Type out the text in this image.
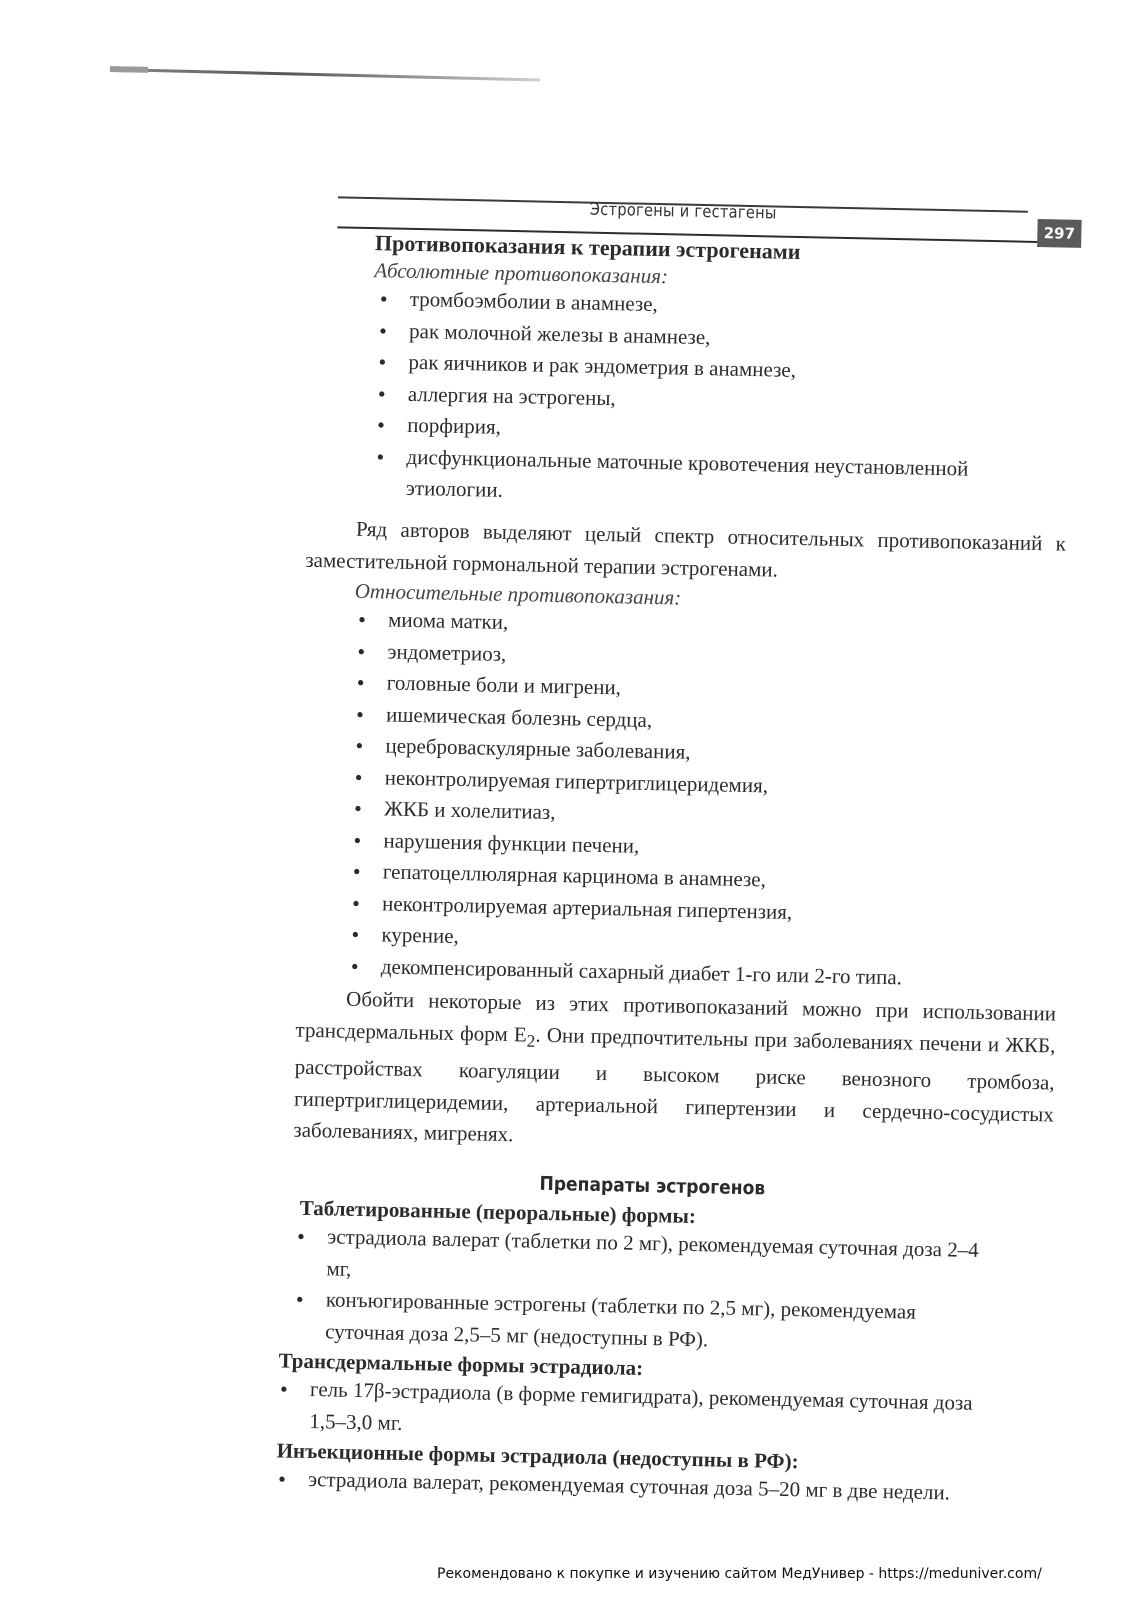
Эстрогены и гестагены
297

Противопоказания к терапии эстрогенами

Абсолютные противопоказания:

• тромбоэмболии в анамнезе,
• рак молочной железы в анамнезе,
• рак яичников и рак эндометрия в анамнезе,
• аллергия на эстрогены,
• порфирия,
• дисфункциональные маточные кровотечения неустановленной этиологии.

Ряд авторов выделяют целый спектр относительных противопоказаний к заместительной гормональной терапии эстрогенами.

Относительные противопоказания:

• миома матки,
• эндометриоз,
• головные боли и мигрени,
• ишемическая болезнь сердца,
• цереброваскулярные заболевания,
• неконтролируемая гипертриглицеридемия,
• ЖКБ и холелитиаз,
• нарушения функции печени,
• гепатоцеллюлярная карцинома в анамнезе,
• неконтролируемая артериальная гипертензия,
• курение,
• декомпенсированный сахарный диабет 1-го или 2-го типа.

Обойти некоторые из этих противопоказаний можно при использовании трансдермальных форм $Е_2$. Они предпочтительны при заболеваниях печени и ЖКБ, расстройствах коагуляции и высоком риске венозного тромбоза, гипертриглицеридемии, артериальной гипертензии и сердечно-сосудистых заболеваниях, мигренях.

Препараты эстрогенов

Таблетированные (пероральные) формы:

• эстрадиола валерат (таблетки по 2 мг), рекомендуемая суточная доза 2–4 мг,
• конъюгированные эстрогены (таблетки по 2,5 мг), рекомендуемая суточная доза 2,5–5 мг (недоступны в РФ).

Трансдермальные формы эстрадиола:

• гель 17β-эстрадиола (в форме гемигидрата), рекомендуемая суточная доза 1,5–3,0 мг.

Инъекционные формы эстрадиола (недоступны в РФ):

• эстрадиола валерат, рекомендуемая суточная доза 5–20 мг в две недели.
Рекомендовано к покупке и изучению сайтом МедУнивер - https://meduniver.com/
